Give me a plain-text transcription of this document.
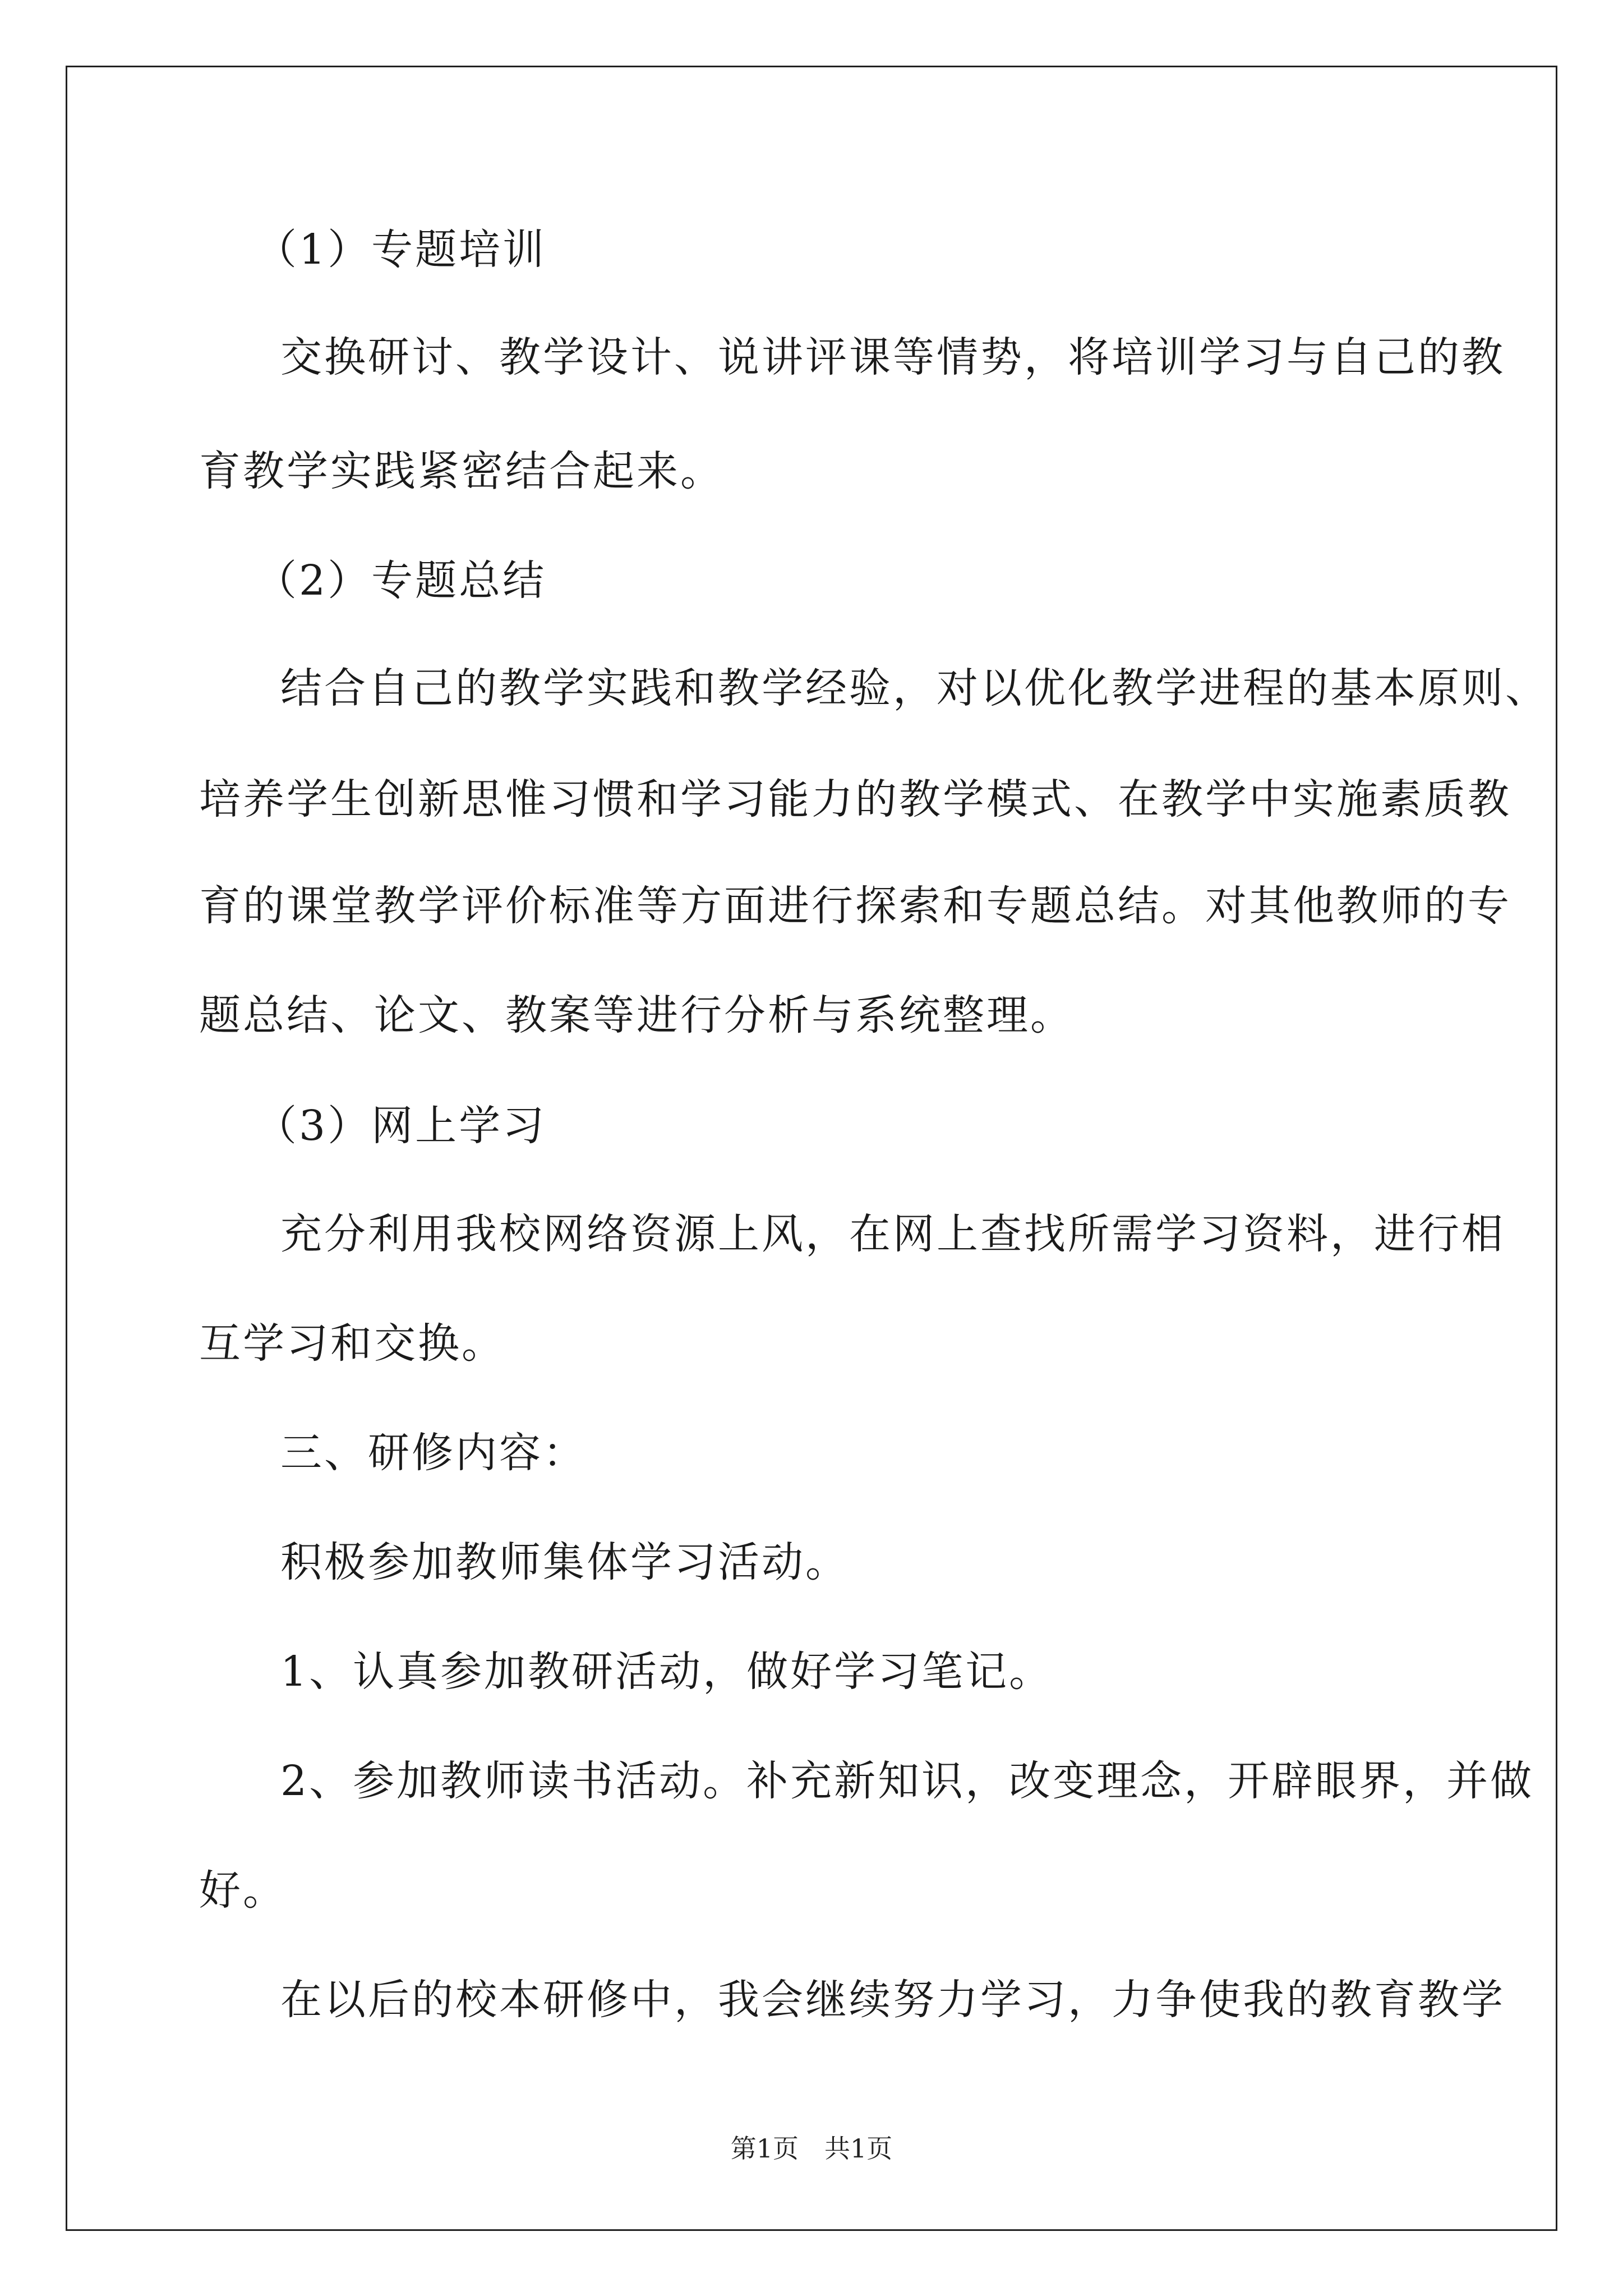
（1）专题培训
交换研讨、教学设计、说讲评课等情势，将培训学习与自己的教
育教学实践紧密结合起来。
（2）专题总结
结合自己的教学实践和教学经验，对以优化教学进程的基本原则、
培养学生创新思惟习惯和学习能力的教学模式、在教学中实施素质教
育的课堂教学评价标准等方面进行探索和专题总结。对其他教师的专
题总结、论文、教案等进行分析与系统整理。
（3）网上学习
充分利用我校网络资源上风，在网上查找所需学习资料，进行相
互学习和交换。
三、研修内容：
积极参加教师集体学习活动。
1、认真参加教研活动，做好学习笔记。
2、参加教师读书活动。补充新知识，改变理念，开辟眼界，并做
好。
在以后的校本研修中，我会继续努力学习，力争使我的教育教学
第1页　共1页
